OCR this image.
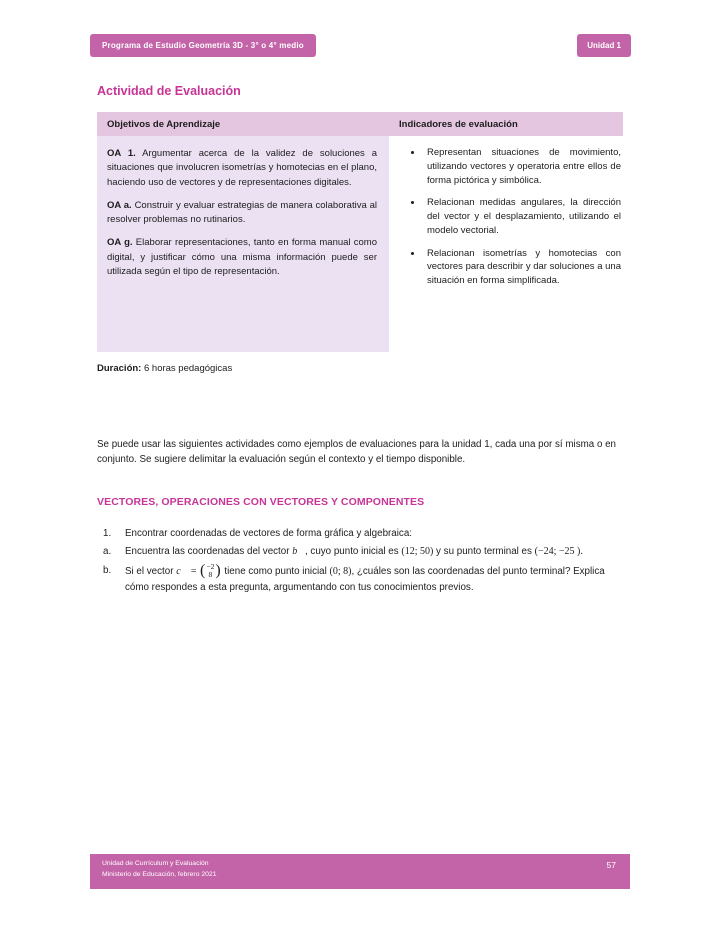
Programa de Estudio Geometría 3D - 3° o 4° medio	Unidad 1
Actividad de Evaluación
Objetivos de Aprendizaje	Indicadores de evaluación

OA 1. Argumentar acerca de la validez de soluciones a situaciones que involucren isometrías y homotecias en el plano, haciendo uso de vectores y de representaciones digitales.

OA a. Construir y evaluar estrategias de manera colaborativa al resolver problemas no rutinarios.

OA g. Elaborar representaciones, tanto en forma manual como digital, y justificar cómo una misma información puede ser utilizada según el tipo de representación.

• Representan situaciones de movimiento, utilizando vectores y operatoria entre ellos de forma pictórica y simbólica.
• Relacionan medidas angulares, la dirección del vector y el desplazamiento, utilizando el modelo vectorial.
• Relacionan isometrías y homotecias con vectores para describir y dar soluciones a una situación en forma simplificada.

Duración: 6 horas pedagógicas

Se puede usar las siguientes actividades como ejemplos de evaluaciones para la unidad 1, cada una por sí misma o en conjunto. Se sugiere delimitar la evaluación según el contexto y el tiempo disponible.

VECTORES, OPERACIONES CON VECTORES Y COMPONENTES
1.	Encontrar coordenadas de vectores de forma gráfica y algebraica:
a.	Encuentra las coordenadas del vector b⃗, cuyo punto inicial es (12; 50) y su punto terminal es (−24; −25 ).
b.	Si el vector c⃗ = ( −2
8 ) tiene como punto inicial (0; 8), ¿cuáles son las coordenadas del punto terminal? Explica cómo respondes a esta pregunta, argumentando con tus conocimientos previos.
Unidad de Currículum y Evaluación
Ministerio de Educación, febrero 2021
57
